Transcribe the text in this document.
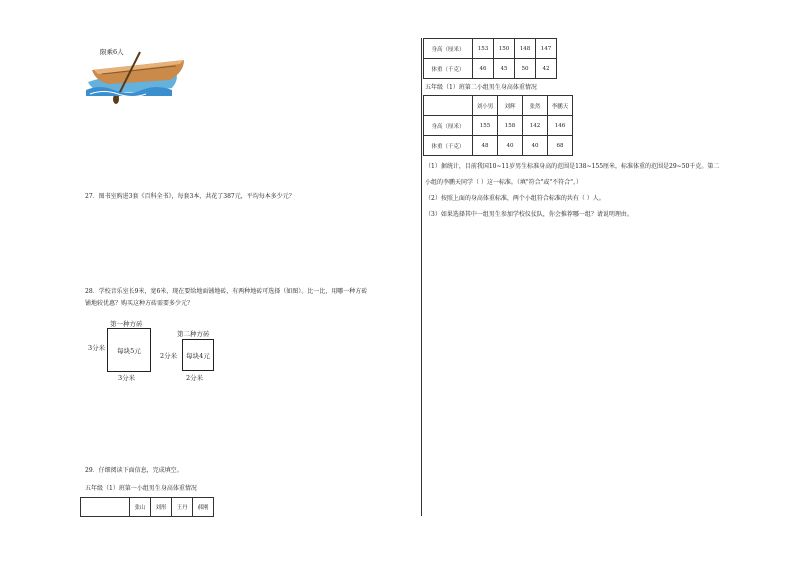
限乘6人
27．图书室购进3套《百科全书》，每套3本，共花了387元，平均每本多少元？
28．学校音乐室长9米，宽6米，现在要给地面铺地砖，有两种地砖可选择（如图）。比一比，用哪一种方砖
铺地较优惠？购买这种方砖需要多少元？
第一种方砖
每块5元
3分米
3分米
第二种方砖
每块4元
2分米
2分米
29．仔细阅读下面信息，完成填空。
五年级（1）班第一小组男生身高体重情况
	张山	刘彤	王丹	郝刚
身高（厘米）	153	150	148	147
体重（千克）	46	45	50	42
五年级（1）班第二小组男生身高体重情况
	刘小男	刘辉	张然	李鹏天
身高（厘米）	155	158	142	146
体重（千克）	48	40	40	68
（1）据统计，目前我国10~11岁男生标准身高的范围是138~155厘米，标准体重的范围是29~50千克。第二
小组的李鹏天同学（ ）这一标准。（填"符合"或"不符合"。）
（2）按照上面的身高体重标准，两个小组符合标准的共有（ ）人。
（3）如果选择其中一组男生参加学校仪仗队，你会推荐哪一组？请说明理由。
